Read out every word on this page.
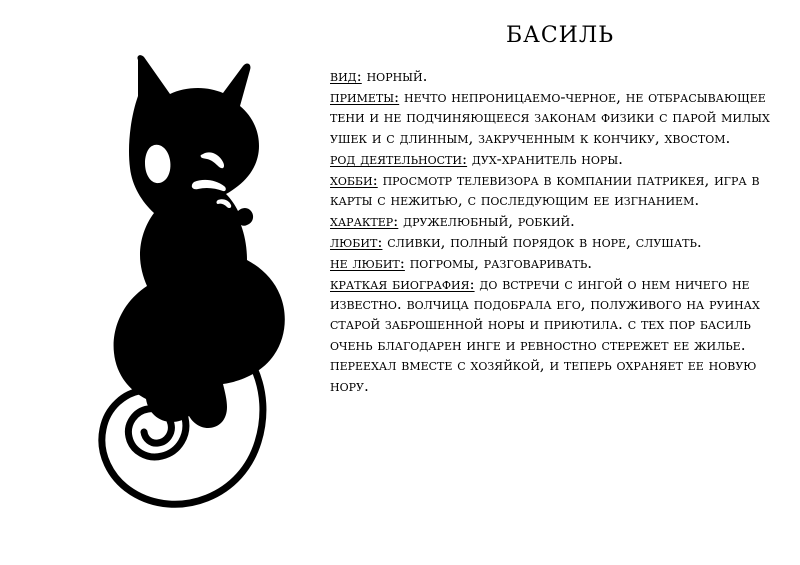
басиль

вид: норный.

приметы: нечто непроницаемо-черное, не отбрасывающее тени и не подчиняющееся законам физики с парой милых ушек и с длинным, закрученным к кончику, хвостом.

род деятельности: дух-хранитель норы.

хобби: просмотр телевизора в компании патрикея, игра в карты с нежитью, с последующим ее изгнанием.

характер: дружелюбный, робкий.

любит: сливки, полный порядок в норе, слушать.

не любит: погромы, разговаривать.

краткая биография: до встречи с ингой о нем ничего не известно. волчица подобрала его, полуживого на руинах старой заброшенной норы и приютила. с тех пор басиль очень благодарен инге и ревностно стережет ее жилье. переехал вместе с хозяйкой, и теперь охраняет ее новую нору.
